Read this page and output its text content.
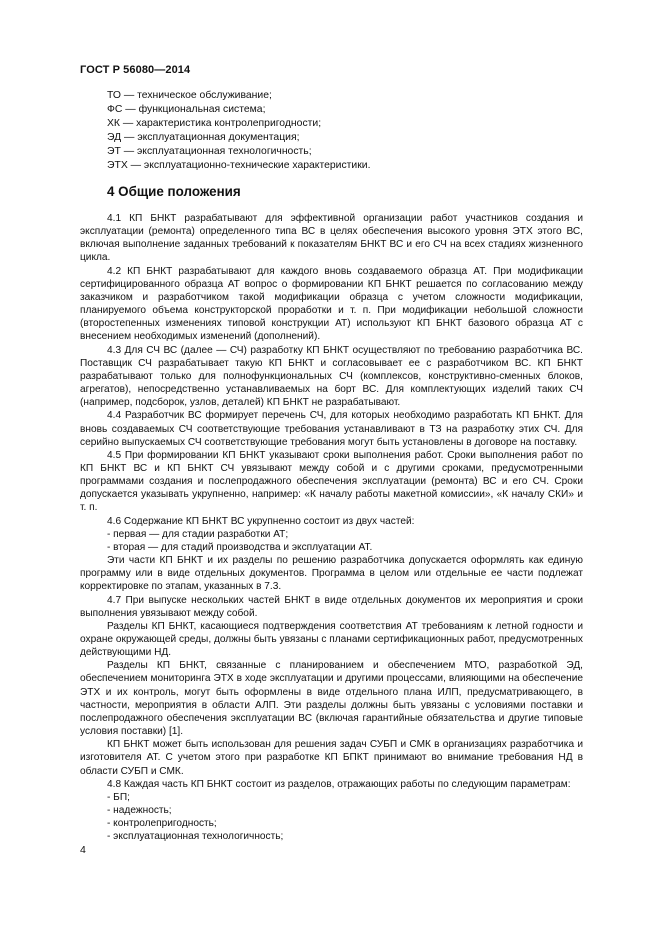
ГОСТ Р 56080—2014
ТО — техническое обслуживание;
ФС — функциональная система;
ХК — характеристика контролепригодности;
ЭД — эксплуатационная документация;
ЭТ — эксплуатационная технологичность;
ЭТХ — эксплуатационно-технические характеристики.
4 Общие положения

4.1 КП БНКТ разрабатывают для эффективной организации работ участников создания и эксплуатации (ремонта) определенного типа ВС в целях обеспечения высокого уровня ЭТХ этого ВС, включая выполнение заданных требований к показателям БНКТ ВС и его СЧ на всех стадиях жизненного цикла.

4.2 КП БНКТ разрабатывают для каждого вновь создаваемого образца АТ. При модификации сертифицированного образца АТ вопрос о формировании КП БНКТ решается по согласованию между заказчиком и разработчиком такой модификации образца с учетом сложности модификации, планируемого объема конструкторской проработки и т. п. При модификации небольшой сложности (второстепенных изменениях типовой конструкции АТ) используют КП БНКТ базового образца АТ с внесением необходимых изменений (дополнений).

4.3 Для СЧ ВС (далее — СЧ) разработку КП БНКТ осуществляют по требованию разработчика ВС. Поставщик СЧ разрабатывает такую КП БНКТ и согласовывает ее с разработчиком ВС. КП БНКТ разрабатывают только для полнофункциональных СЧ (комплексов, конструктивно-сменных блоков, агрегатов), непосредственно устанавливаемых на борт ВС. Для комплектующих изделий таких СЧ (например, подсборок, узлов, деталей) КП БНКТ не разрабатывают.

4.4 Разработчик ВС формирует перечень СЧ, для которых необходимо разработать КП БНКТ. Для вновь создаваемых СЧ соответствующие требования устанавливают в ТЗ на разработку этих СЧ. Для серийно выпускаемых СЧ соответствующие требования могут быть установлены в договоре на поставку.

4.5 При формировании КП БНКТ указывают сроки выполнения работ. Сроки выполнения работ по КП БНКТ ВС и КП БНКТ СЧ увязывают между собой и с другими сроками, предусмотренными программами создания и послепродажного обеспечения эксплуатации (ремонта) ВС и его СЧ. Сроки допускается указывать укрупненно, например: «К началу работы макетной комиссии», «К началу СКИ» и т. п.

4.6 Содержание КП БНКТ ВС укрупненно состоит из двух частей:

- первая — для стадии разработки АТ;

- вторая — для стадий производства и эксплуатации АТ.

Эти части КП БНКТ и их разделы по решению разработчика допускается оформлять как единую программу или в виде отдельных документов. Программа в целом или отдельные ее части подлежат корректировке по этапам, указанных в 7.3.

4.7 При выпуске нескольких частей БНКТ в виде отдельных документов их мероприятия и сроки выполнения увязывают между собой.

Разделы КП БНКТ, касающиеся подтверждения соответствия АТ требованиям к летной годности и охране окружающей среды, должны быть увязаны с планами сертификационных работ, предусмотренных действующими НД.

Разделы КП БНКТ, связанные с планированием и обеспечением МТО, разработкой ЭД, обеспечением мониторинга ЭТХ в ходе эксплуатации и другими процессами, влияющими на обеспечение ЭТХ и их контроль, могут быть оформлены в виде отдельного плана ИЛП, предусматривающего, в частности, мероприятия в области АЛП. Эти разделы должны быть увязаны с условиями поставки и послепродажного обеспечения эксплуатации ВС (включая гарантийные обязательства и другие типовые условия поставки) [1].

КП БНКТ может быть использован для решения задач СУБП и СМК в организациях разработчика и изготовителя АТ. С учетом этого при разработке КП БПКТ принимают во внимание требования НД в области СУБП и СМК.

4.8 Каждая часть КП БНКТ состоит из разделов, отражающих работы по следующим параметрам:

- БП;

- надежность;

- контролепригодность;

- эксплуатационная технологичность;

4
